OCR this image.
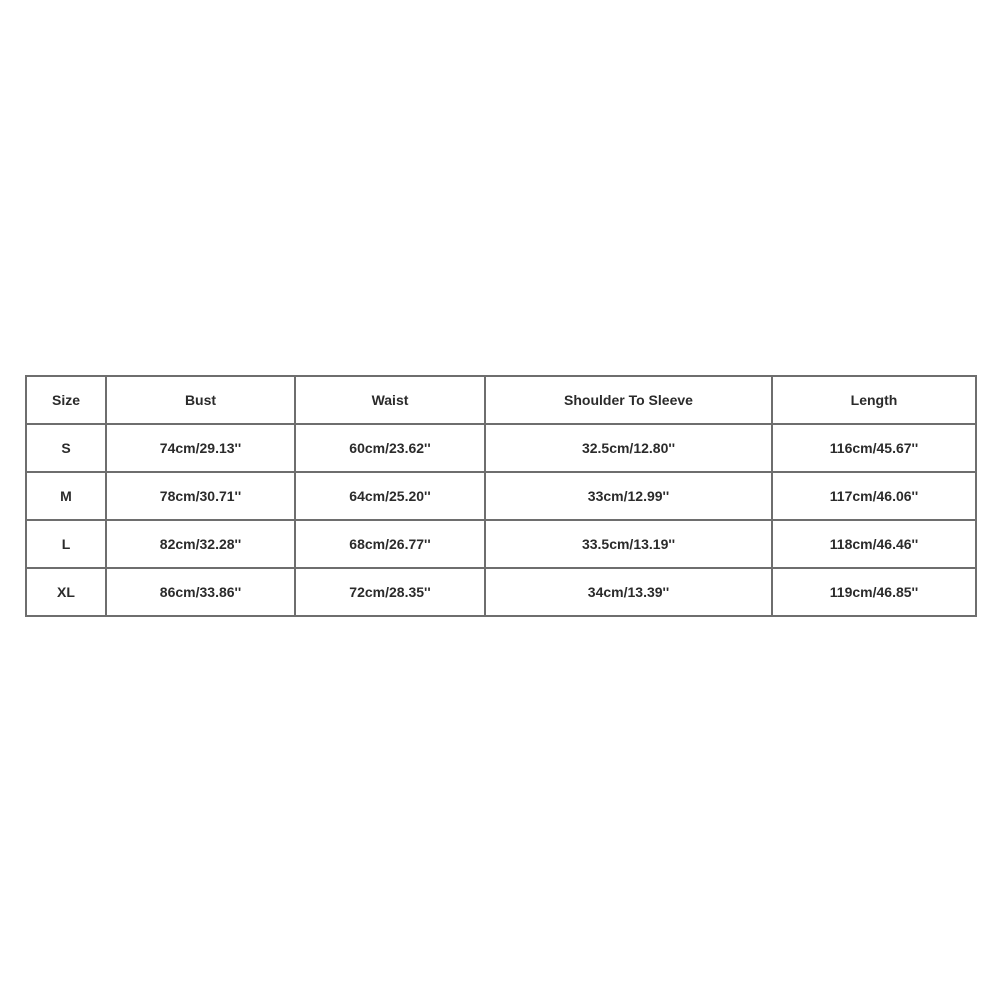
Size	Bust	Waist	Shoulder To Sleeve	Length
S	74cm/29.13''	60cm/23.62''	32.5cm/12.80''	116cm/45.67''
M	78cm/30.71''	64cm/25.20''	33cm/12.99''	117cm/46.06''
L	82cm/32.28''	68cm/26.77''	33.5cm/13.19''	118cm/46.46''
XL	86cm/33.86''	72cm/28.35''	34cm/13.39''	119cm/46.85''
